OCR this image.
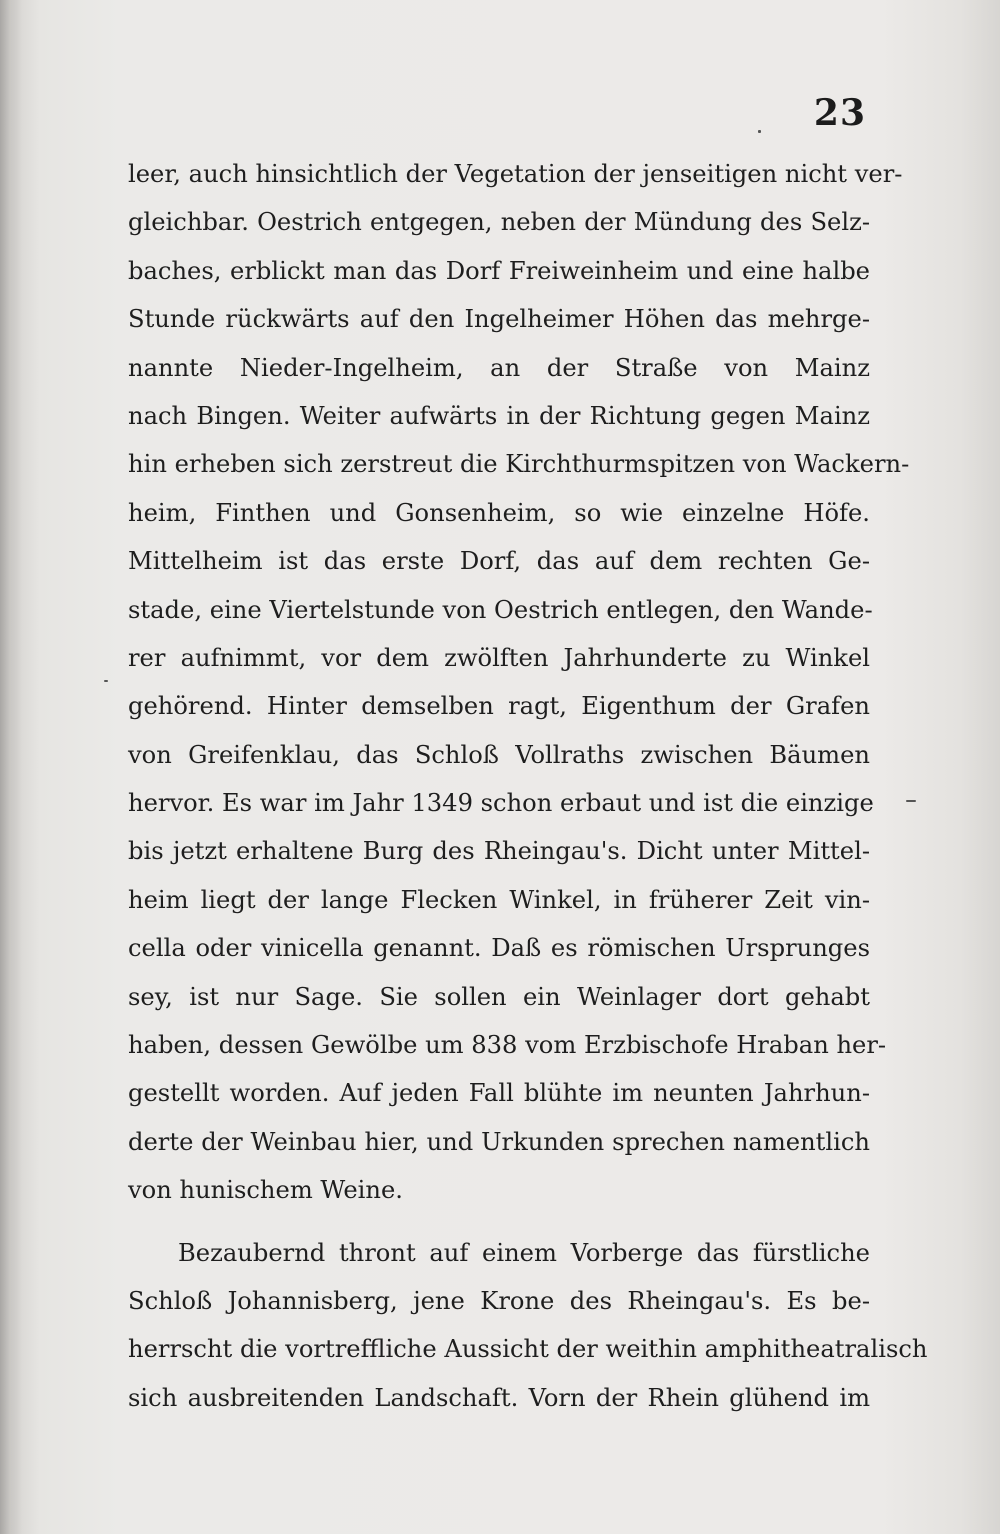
23
leer, auch hinsichtlich der Vegetation der jenseitigen nicht ver-
gleichbar. Oestrich entgegen, neben der Mündung des Selz-
baches, erblickt man das Dorf Freiweinheim und eine halbe
Stunde rückwärts auf den Ingelheimer Höhen das mehrge-
nannte Nieder-Ingelheim, an der Straße von Mainz
nach Bingen. Weiter aufwärts in der Richtung gegen Mainz
hin erheben sich zerstreut die Kirchthurmspitzen von Wackern-
heim, Finthen und Gonsenheim, so wie einzelne Höfe.
Mittelheim ist das erste Dorf, das auf dem rechten Ge-
stade, eine Viertelstunde von Oestrich entlegen, den Wande-
rer aufnimmt, vor dem zwölften Jahrhunderte zu Winkel
gehörend. Hinter demselben ragt, Eigenthum der Grafen
von Greifenklau, das Schloß Vollraths zwischen Bäumen
hervor. Es war im Jahr 1349 schon erbaut und ist die einzige
bis jetzt erhaltene Burg des Rheingau's. Dicht unter Mittel-
heim liegt der lange Flecken Winkel, in früherer Zeit vin-
cella oder vinicella genannt. Daß es römischen Ursprunges
sey, ist nur Sage. Sie sollen ein Weinlager dort gehabt
haben, dessen Gewölbe um 838 vom Erzbischofe Hraban her-
gestellt worden. Auf jeden Fall blühte im neunten Jahrhun-
derte der Weinbau hier, und Urkunden sprechen namentlich
von hunischem Weine.
Bezaubernd thront auf einem Vorberge das fürstliche
Schloß Johannisberg, jene Krone des Rheingau's. Es be-
herrscht die vortreffliche Aussicht der weithin amphitheatralisch
sich ausbreitenden Landschaft. Vorn der Rhein glühend im
